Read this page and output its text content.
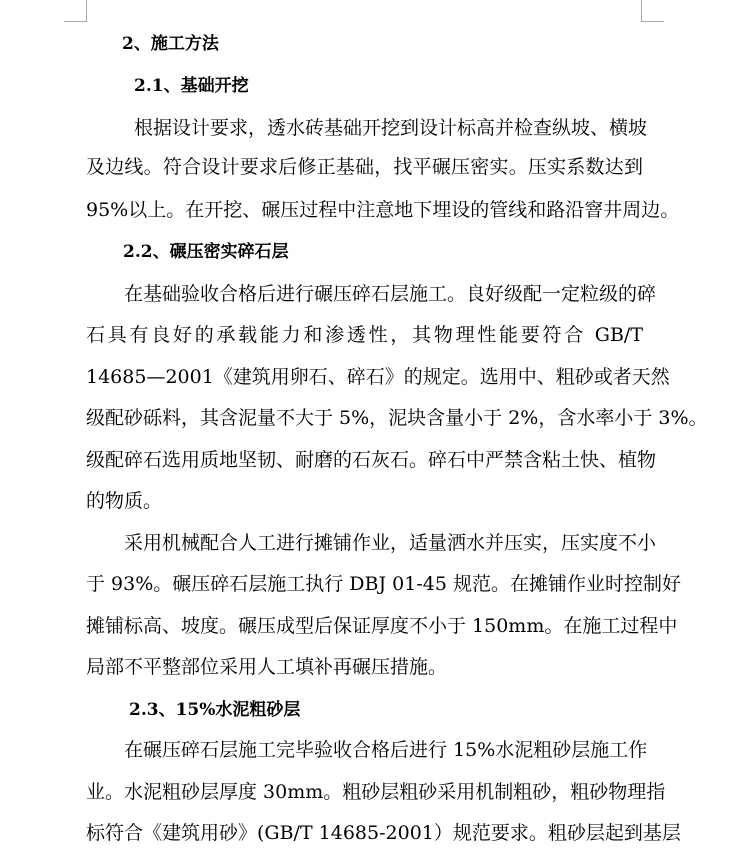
2、施工方法
2.1、基础开挖
根据设计要求，透水砖基础开挖到设计标高并检查纵坡、横坡
及边线。符合设计要求后修正基础，找平碾压密实。压实系数达到
95%以上。在开挖、碾压过程中注意地下埋设的管线和路沿窨井周边。
2.2、碾压密实碎石层
在基础验收合格后进行碾压碎石层施工。良好级配一定粒级的碎
石具有良好的承载能力和渗透性，其物理性能要符合 GB/T
14685—2001《建筑用卵石、碎石》的规定。选用中、粗砂或者天然
级配砂砾料，其含泥量不大于 5%，泥块含量小于 2%，含水率小于 3%。
级配碎石选用质地坚韧、耐磨的石灰石。碎石中严禁含粘土快、植物
的物质。
采用机械配合人工进行摊铺作业，适量洒水并压实，压实度不小
于 93%。碾压碎石层施工执行 DBJ 01-45 规范。在摊铺作业时控制好
摊铺标高、坡度。碾压成型后保证厚度不小于 150mm。在施工过程中
局部不平整部位采用人工填补再碾压措施。
2.3、15%水泥粗砂层
在碾压碎石层施工完毕验收合格后进行 15%水泥粗砂层施工作
业。水泥粗砂层厚度 30mm。粗砂层粗砂采用机制粗砂，粗砂物理指
标符合《建筑用砂》(GB/T 14685-2001）规范要求。粗砂层起到基层
